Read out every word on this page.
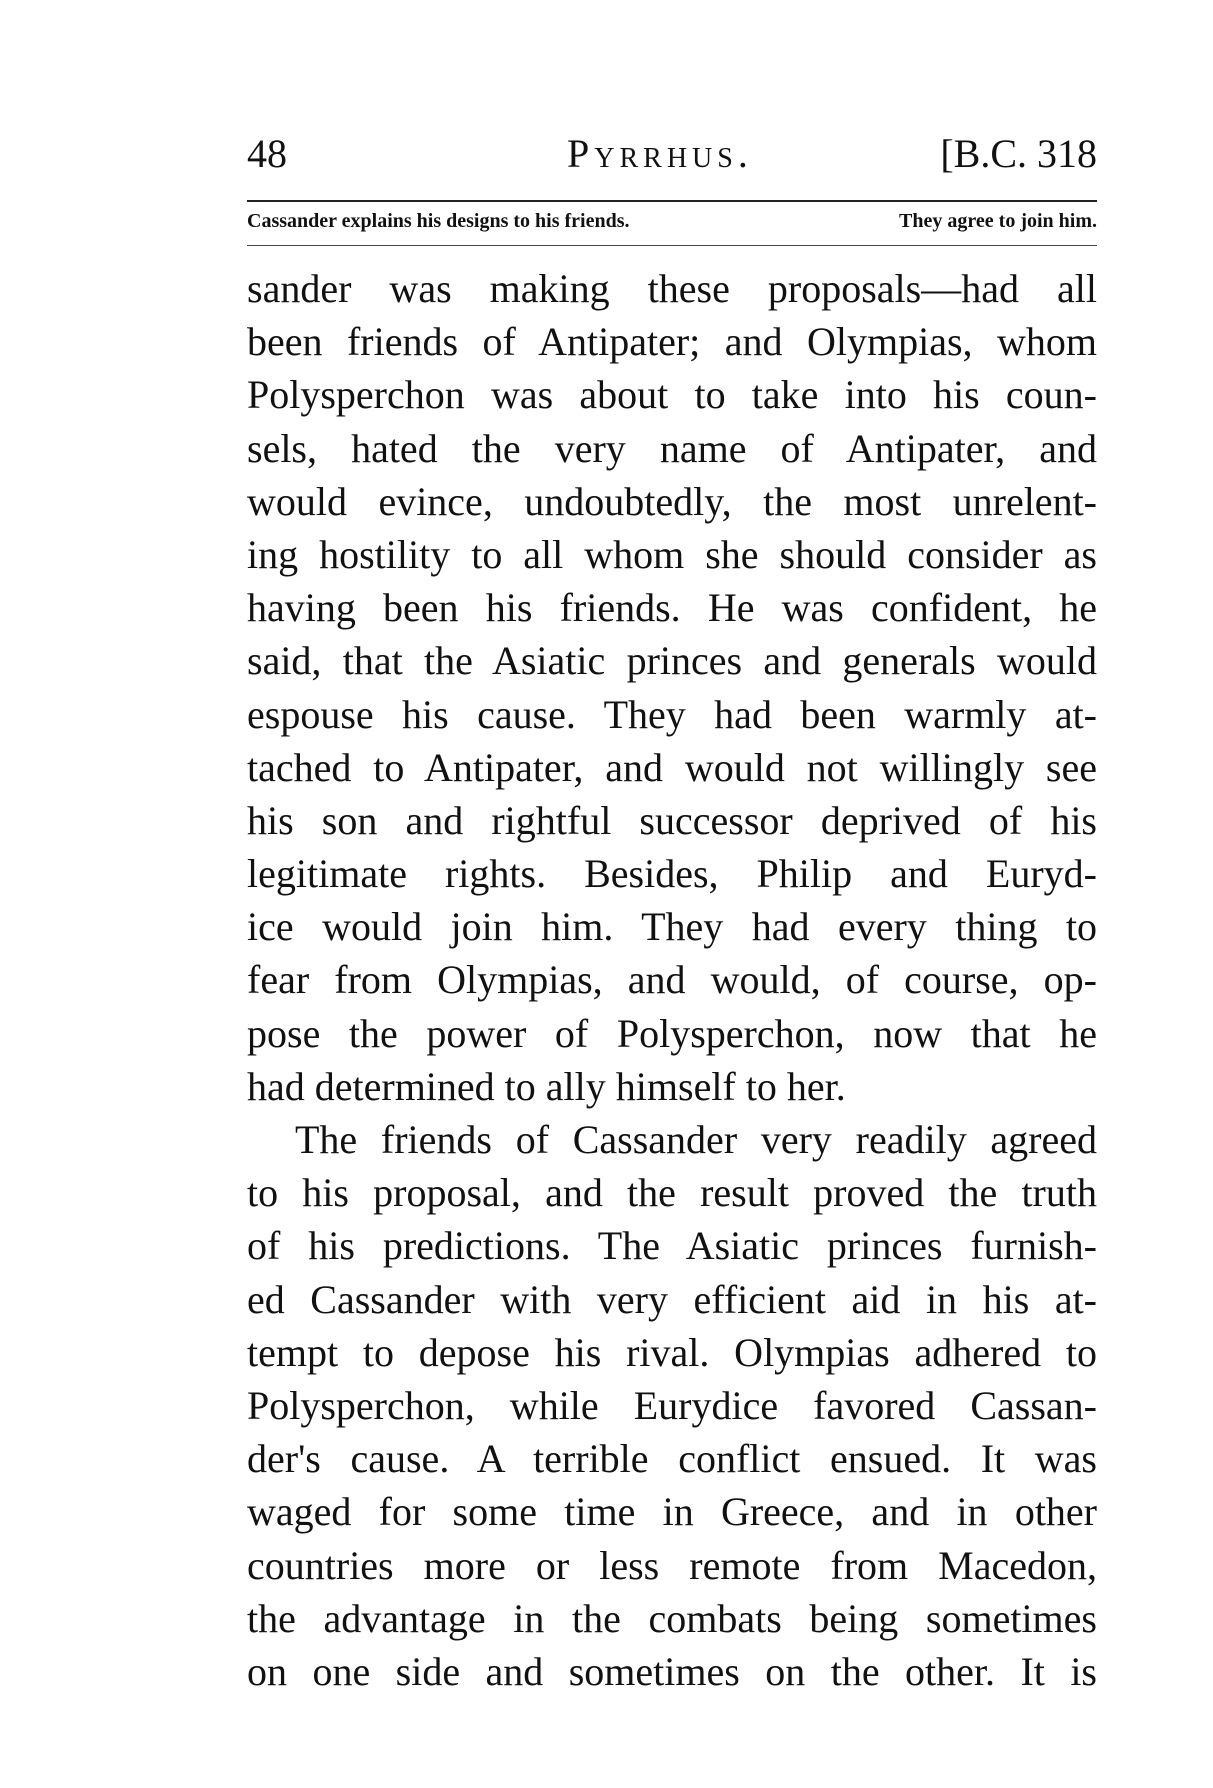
48	Pyrrhus.	[B.C. 318
Cassander explains his designs to his friends.	They agree to join him.
sander was making these proposals—had all
been friends of Antipater; and Olympias, whom
Polysperchon was about to take into his coun-
sels, hated the very name of Antipater, and
would evince, undoubtedly, the most unrelent-
ing hostility to all whom she should consider as
having been his friends. He was confident, he
said, that the Asiatic princes and generals would
espouse his cause. They had been warmly at-
tached to Antipater, and would not willingly see
his son and rightful successor deprived of his
legitimate rights. Besides, Philip and Euryd-
ice would join him. They had every thing to
fear from Olympias, and would, of course, op-
pose the power of Polysperchon, now that he
had determined to ally himself to her.
The friends of Cassander very readily agreed
to his proposal, and the result proved the truth
of his predictions. The Asiatic princes furnish-
ed Cassander with very efficient aid in his at-
tempt to depose his rival. Olympias adhered to
Polysperchon, while Eurydice favored Cassan-
der's cause. A terrible conflict ensued. It was
waged for some time in Greece, and in other
countries more or less remote from Macedon,
the advantage in the combats being sometimes
on one side and sometimes on the other. It is
